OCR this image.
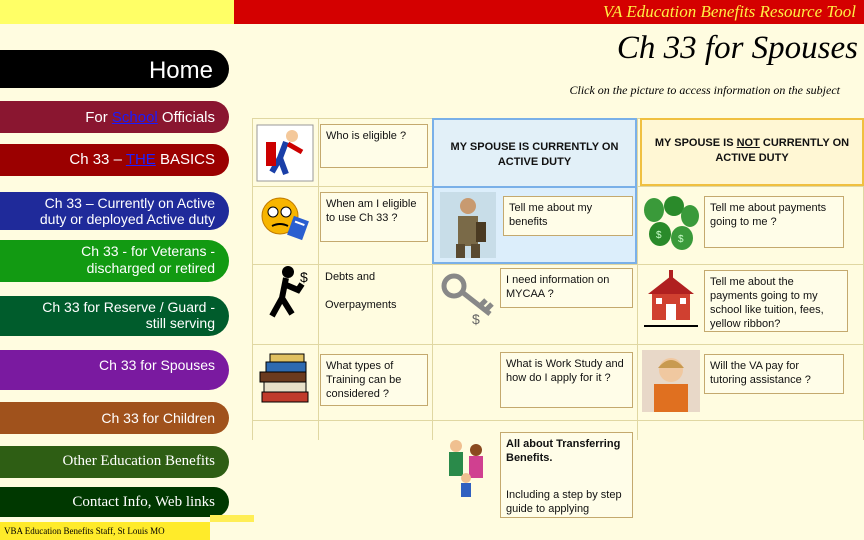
VA Education Benefits Resource Tool
Ch 33 for Spouses
Click on the picture to access information on the subject
Home
For School Officials
Ch 33 – THE BASICS
Ch 33 – Currently on Active
duty or deployed Active duty
Ch 33 - for Veterans -
discharged or retired
Ch 33 for Reserve / Guard -
still serving
Ch 33 for Spouses
Ch 33 for Children
Other Education Benefits
Contact Info, Web links
VBA Education Benefits Staff, St Louis MO
MY SPOUSE IS CURRENTLY ON ACTIVE DUTY
MY SPOUSE IS NOT CURRENTLY ON ACTIVE DUTY
Who is eligible ?
When am I eligible to use Ch 33 ?
$	Debts and

Overpayments
What types of Training can be considered ?
Tell me about my benefits
$
I need information on MYCAA ?
What is Work Study and how do I apply for it ?
All about Transferring Benefits.
Including a step by step guide to applying
$ $
Tell me about payments going to me ?
Tell me about the payments going to my school like tuition, fees, yellow ribbon?
Will the VA pay for tutoring assistance ?
